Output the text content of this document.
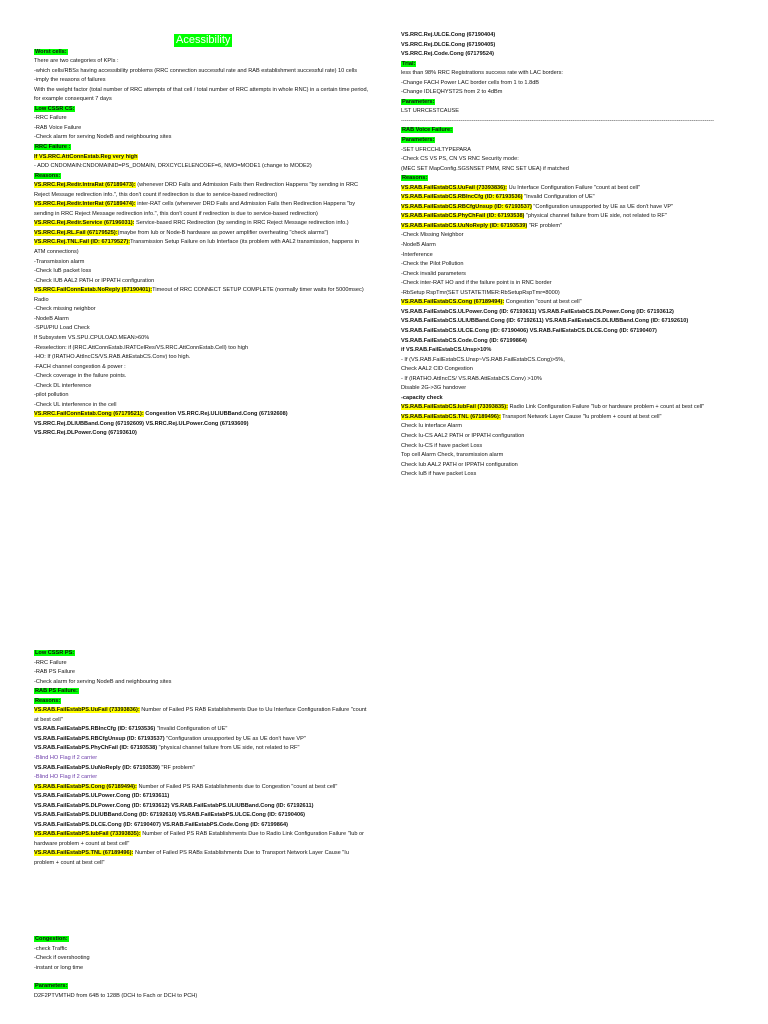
Acessibility
Worst cells:
There are two categories of KPIs :
-which cells/RBSs having accessibility problems (RRC connection successful rate and RAB establishment successful rate) 10 cells
-imply the reasons of failures
With the weight factor (total number of RRC attempts of that cell / total number of RRC attempts in whole RNC) in a certain time period, for example consequent 7 days
Low CSSR CS:
-RRC Failure
-RAB Voice Failure
-Check alarm for serving NodeB and neighbouring sites
RRC Failure :
If VS.RRC.AttConnEstab.Reg very high
- ADD CNDOMAIN:CNDOMAINID=PS_DOMAIN, DRXCYCLELENCOEF=6, NMO=MODE1 (change to MODE2)
Reasons:
VS.RRC.Rej.Redir.IntraRat (67189473): (whenever DRD Fails and Admission Fails then Redirection Happens "by sending in RRC Reject Message redirection info.", this don't count if redirection is due to service-based redirection)
VS.RRC.Rej.Redir.InterRat (67189474): inter-RAT cells (whenever DRD Fails and Admission Fails then Redirection Happens "by sending in RRC Reject Message redirection info.", this don't count if redirection is due to service-based redirection)
VS.RRC.Rej.Redir.Service (67196031): Service-based RRC Redirection (by sending in RRC Reject Message redirection info.)
VS.RRC.Rej.RL.Fail (67179525):(maybe from Iub or Node-B hardware as power amplifier overheating "check alarms")
VS.RRC.Rej.TNL.Fail (ID: 67179527):Transmission Setup Failure on Iub Interface (its problem with AAL2 transmission, happens in ATM connections)
-Transmission alarm
-Check IuB packet loss
-Check IUB AAL2 PATH or IPPATH configuration
VS.RRC.FailConnEstab.NoReply (67190401):Timeout of RRC CONNECT SETUP COMPLETE (normally timer waits for 5000msec) Radio
-Check missing neighbor
-NodeB Alarm
-SPU/PIU Load Check
If Subsystem VS.SPU.CPULOAD.MEAN>60%
-Reselection: if (RRC.AttConnEstab.IRATCelRes/VS.RRC.AttConnEstab.Cell) too high
-HO: If (IRATHO.AttIncCS/VS.RAB.AttEstabCS.Conv) too high.
-FACH channel congestion & power :
-Check coverage in the failure points.
-Check DL interference
-pilot pollution
-Check UL interference in the cell
VS.RRC.FailConnEstab.Cong (67179521): Congestion VS.RRC.Rej.ULIUBBand.Cong (67192608)
VS.RRC.Rej.DLIUBBand.Cong (67192609) VS.RRC.Rej.ULPower.Cong (67193609)
VS.RRC.Rej.DLPower.Cong (67193610)
VS.RRC.Rej.ULCE.Cong (67190404)
VS.RRC.Rej.DLCE.Cong (67190405)
VS.RRC.Rej.Code.Cong (67179524)
Trial:
less than 98% RRC Registrations success rate with LAC borders:
-Change FACH Power LAC border cells from 1 to 1.8dB
-Change IDLEQHYST2S from 2 to 4dBm
Parameters:
LST URRCESTCAUSE
------------------------------------------------------------------------------------------------------------------------------------------------------------------------
RAB Voice Failure:
Parameters:
-SET UFRCCHLTYPEPARA
-Check CS VS PS, CN VS RNC Security mode:
(MEC SET MapConfig.SGSNSET PMM, RNC SET UEA) if matched
Reasons:
VS.RAB.FailEstabCS.UuFail (73393836): Uu Interface Configuration Failure "count at best cell"
VS.RAB.FailEstabCS.RBIncCfg (ID: 67193536) "Invalid Configuration of UE"
VS.RAB.FailEstabCS.RBCfgUnsup (ID: 67193537) "Configuration unsupported by UE as UE don't have VP"
VS.RAB.FailEstabCS.PhyChFail (ID: 67193538) "physical channel failure from UE side, not related to RF"
VS.RAB.FailEstabCS.UuNoReply (ID: 67193539) "RF problem"
-Check Missing Neighbor
-NodeB Alarm
-Interference
-Check the Pilot Pollution
-Check invalid parameters
-Check inter-RAT HO and if the failure point is in RNC border
-RbSetup RspTmr(SET USTATETIMER:RbSetupRspTmr=8000)
VS.RAB.FailEstabCS.Cong (67189494): Congestion "count at best cell"
VS.RAB.FailEstabCS.ULPower.Cong (ID: 67193611) VS.RAB.FailEstabCS.DLPower.Cong (ID: 67193612)
VS.RAB.FailEstabCS.ULIUBBand.Cong (ID: 67192611) VS.RAB.FailEstabCS.DLIUBBand.Cong (ID: 67192610) VS.RAB.FailEstabCS.ULCE.Cong (ID: 67190406) VS.RAB.FailEstabCS.DLCE.Cong (ID: 67190407) VS.RAB.FailEstabCS.Code.Cong (ID: 67199864)
if VS.RAB.FailEstabCS.Unsp>10%
- If (VS.RAB.FailEstabCS.Unsp~VS.RAB.FailEstabCS.Cong)>5%,
Check AAL2 CID Congestion
- If (IRATHO.AttIncCS/ VS.RAB.AttEstabCS.Conv) >10%
Disable 2G->3G handover
-capacity check
VS.RAB.FailEstabCS.IubFail (73393835): Radio Link Configuration Failure "Iub or hardware problem + count at best cell"
VS.RAB.FailEstabCS.TNL (67189496): Transport Network Layer Cause "Iu problem + count at best cell"
Check Iu interface Alarm
Check Iu-CS AAL2 PATH or IPPATH configuration
Check Iu-CS if have packet Loss
Top cell Alarm Check, transmission alarm
Check Iub AAL2 PATH or IPPATH configuration
Check IuB if have packet Loss
Low CSSR PS:
-RRC Failure
-RAB PS Failure
-Check alarm for serving NodeB and neighbouring sites
RAB PS Failure:
Reasons:
VS.RAB.FailEstabPS.UuFail (73393836): Number of Failed PS RAB Establishments Due to Uu Interface Configuration Failure "count at best cell"
VS.RAB.FailEstabPS.RBIncCfg (ID: 67193536) "Invalid Configuration of UE"
VS.RAB.FailEstabPS.RBCfgUnsup (ID: 67193537) "Configuration unsupported by UE as UE don't have VP"
VS.RAB.FailEstabPS.PhyChFail (ID: 67193538) "physical channel failure from UE side, not related to RF"
-Blind HO Flag if 2 carrier
VS.RAB.FailEstabPS.UuNoReply (ID: 67193539) "RF problem"
-Blind HO Flag if 2 carrier
VS.RAB.FailEstabPS.Cong (67189494): Number of Failed PS RAB Establishments due to Congestion "count at best cell" VS.RAB.FailEstabPS.ULPower.Cong (ID: 67193611)
VS.RAB.FailEstabPS.DLPower.Cong (ID: 67193612) VS.RAB.FailEstabPS.ULIUBBand.Cong (ID: 67192611)
VS.RAB.FailEstabPS.DLIUBBand.Cong (ID: 67192610) VS.RAB.FailEstabPS.ULCE.Cong (ID: 67190406)
VS.RAB.FailEstabPS.DLCE.Cong (ID: 67190407) VS.RAB.FailEstabPS.Code.Cong (ID: 67199864)
VS.RAB.FailEstabPS.IubFail (73393835): Number of Failed PS RAB Establishments Due to Radio Link Configuration Failure "Iub or hardware problem + count at best cell"
VS.RAB.FailEstabPS.TNL (67189496): Number of Failed PS RABs Establishments Due to Transport Network Layer Cause "Iu problem + count at best cell"
Congestion:
-check Traffic
-Check if overshooting
-instant or long time
Parameters:
D2F2PTVMTHD from 64B to 128B (DCH to Fach or DCH to PCH)
